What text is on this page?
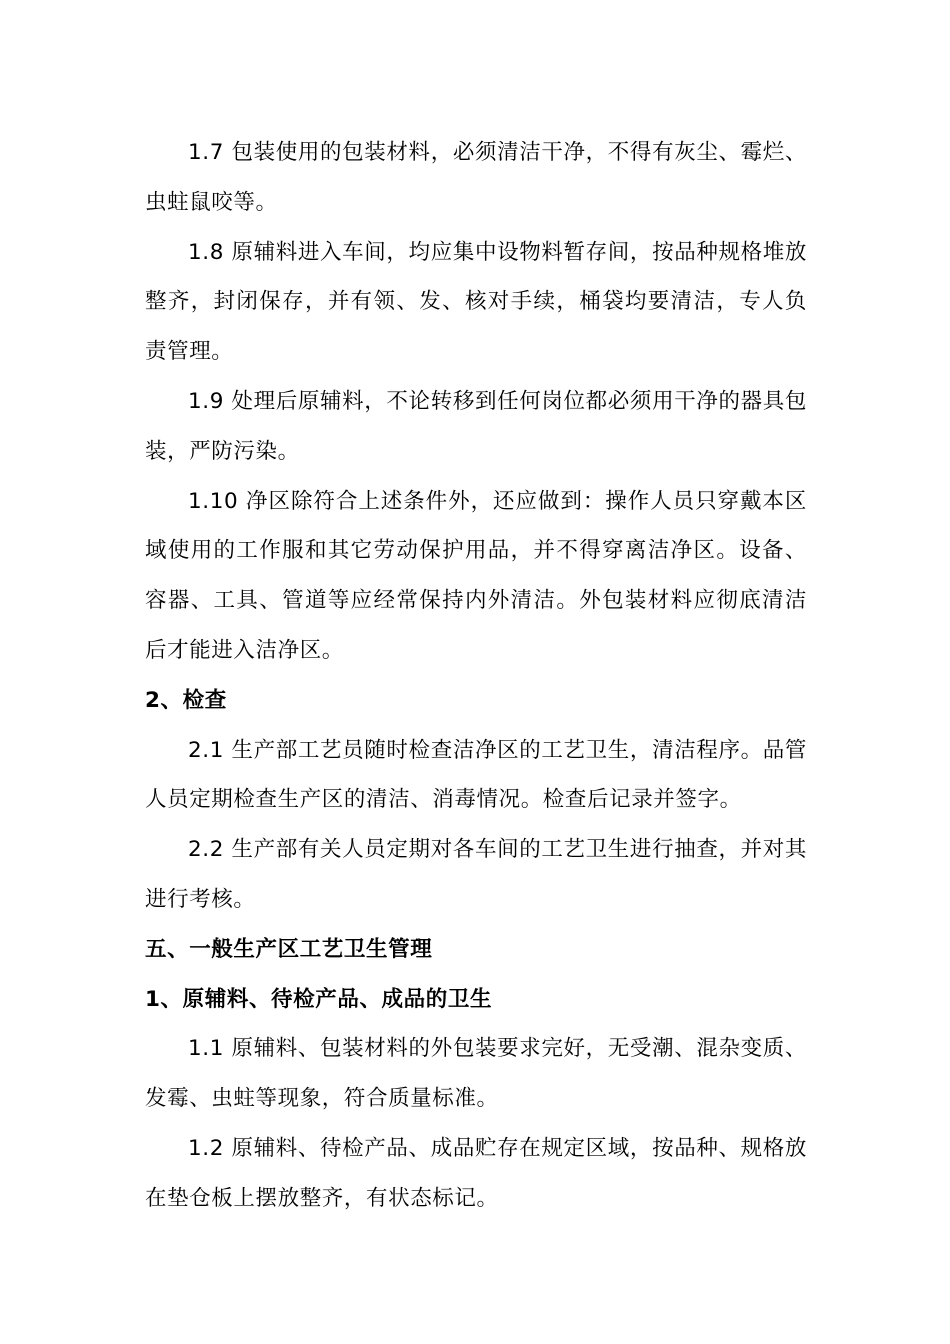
1.7 包装使用的包装材料，必须清洁干净，不得有灰尘、霉烂、虫蛀鼠咬等。

1.8 原辅料进入车间，均应集中设物料暂存间，按品种规格堆放整齐，封闭保存，并有领、发、核对手续，桶袋均要清洁，专人负责管理。

1.9 处理后原辅料，不论转移到任何岗位都必须用干净的器具包装，严防污染。

1.10 净区除符合上述条件外，还应做到：操作人员只穿戴本区域使用的工作服和其它劳动保护用品，并不得穿离洁净区。设备、容器、工具、管道等应经常保持内外清洁。外包装材料应彻底清洁后才能进入洁净区。

2、检查

2.1 生产部工艺员随时检查洁净区的工艺卫生，清洁程序。品管人员定期检查生产区的清洁、消毒情况。检查后记录并签字。

2.2 生产部有关人员定期对各车间的工艺卫生进行抽查，并对其进行考核。

五、一般生产区工艺卫生管理

1、原辅料、待检产品、成品的卫生

1.1 原辅料、包装材料的外包装要求完好，无受潮、混杂变质、发霉、虫蛀等现象，符合质量标准。

1.2 原辅料、待检产品、成品贮存在规定区域，按品种、规格放在垫仓板上摆放整齐，有状态标记。
